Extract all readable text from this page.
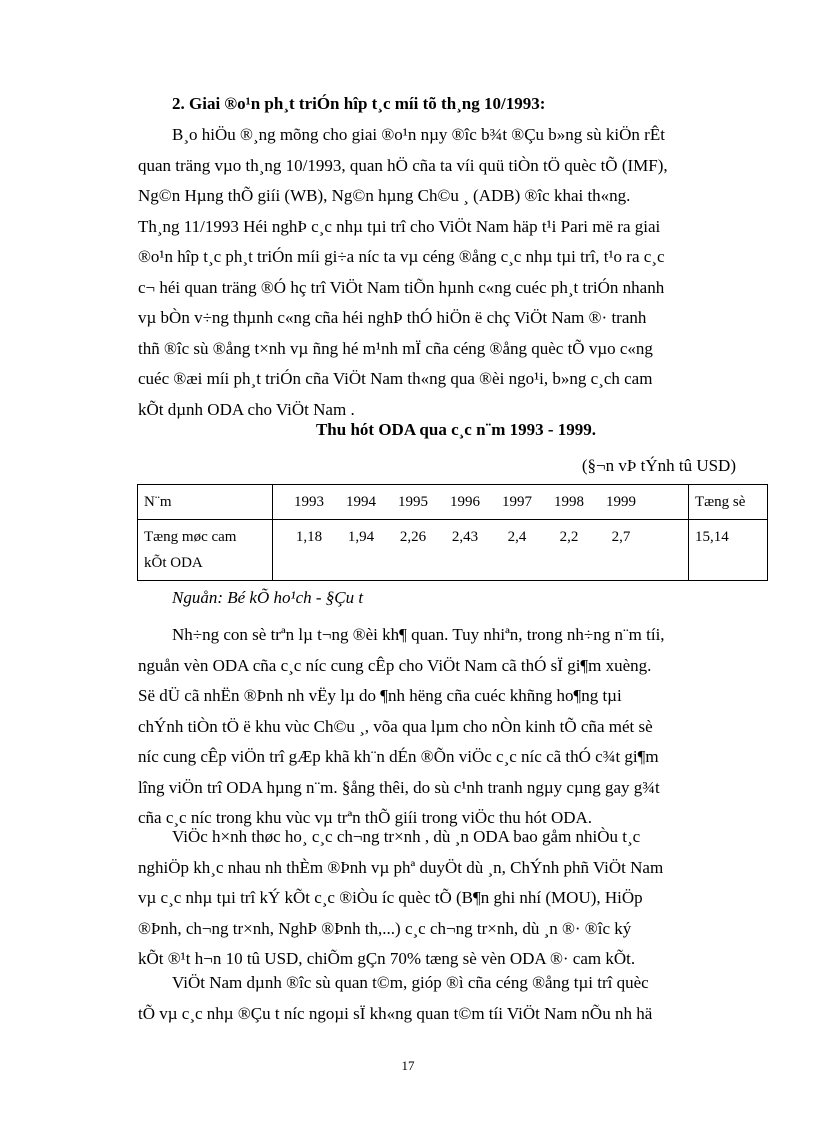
2. Giai ®o¹n ph¸t triÓn hîp t¸c míi tõ th¸ng 10/1993:
B¸o hiÖu ®¸ng mõng cho giai ®o¹n nµy ®îc b¾t ®Çu b»ng sù kiÖn rÊt
quan träng vµo th¸ng 10/1993, quan hÖ cña ta víi quü tiÒn tÖ quèc tÕ (IMF),
Ng©n Hµng thÕ giíi (WB), Ng©n hµng Ch©u ¸ (ADB) ®îc khai th«ng.
Th¸ng 11/1993 Héi nghÞ c¸c nhµ tµi trî cho ViÖt Nam häp t¹i Pari më ra giai
®o¹n hîp t¸c ph¸t triÓn míi gi÷a níc ta vµ céng ®ång c¸c nhµ tµi trî, t¹o ra c¸c
c¬ héi quan träng ®Ó hç trî ViÖt Nam tiÕn hµnh c«ng cuéc ph¸t triÓn nhanh
vµ bÒn v÷ng thµnh c«ng cña héi nghÞ thÓ hiÖn ë chç ViÖt Nam ®· tranh
thñ ®îc sù ®ång t×nh vµ ñng hé m¹nh mÏ cña céng ®ång quèc tÕ vµo c«ng
cuéc ®æi míi ph¸t triÓn cña ViÖt Nam th«ng qua ®èi ngo¹i, b»ng c¸ch cam
kÕt dµnh ODA cho ViÖt Nam .
Thu hót ODA qua c¸c n¨m 1993 - 1999.
(§¬n vÞ tÝnh tû USD)
N¨m	1993 1994 1995 1996 1997 1998 1999	Tæng sè

Tæng møc cam
kÕt ODA	1,18 1,94 2,26 2,43 2,4 2,2 2,7	15,14
Nguån: Bé kÕ ho¹ch - §Çu t
Nh÷ng con sè trªn lµ t¬ng ®èi kh¶ quan. Tuy nhiªn, trong nh÷ng n¨m tíi,
nguån vèn ODA cña c¸c níc cung cÊp cho ViÖt Nam cã thÓ sÏ gi¶m xuèng.
Së dÜ cã nhËn ®Þnh nh vËy lµ do ¶nh hëng cña cuéc khñng ho¶ng tµi
chÝnh tiÒn tÖ ë khu vùc Ch©u ¸, võa qua lµm cho nÒn kinh tÕ cña mét sè
níc cung cÊp viÖn trî gÆp khã kh¨n dÉn ®Õn viÖc c¸c níc cã thÓ c¾t gi¶m
lîng viÖn trî ODA hµng n¨m. §ång thêi, do sù c¹nh tranh ngµy cµng gay g¾t
cña c¸c níc trong khu vùc vµ trªn thÕ giíi trong viÖc thu hót ODA.
ViÖc h×nh thøc ho¸ c¸c ch¬ng tr×nh , dù ¸n ODA bao gåm nhiÒu t¸c
nghiÖp kh¸c nhau nh thÈm ®Þnh vµ phª duyÖt dù ¸n, ChÝnh phñ ViÖt Nam
vµ c¸c nhµ tµi trî kÝ kÕt c¸c ®iÒu íc quèc tÕ (B¶n ghi nhí (MOU), HiÖp
®Þnh, ch¬ng tr×nh, NghÞ ®Þnh th,...) c¸c ch¬ng tr×nh, dù ¸n ®· ®îc ký
kÕt ®¹t h¬n 10 tû USD, chiÕm gÇn 70% tæng sè vèn ODA ®· cam kÕt.
ViÖt Nam dµnh ®îc sù quan t©m, gióp ®ì cña céng ®ång tµi trî quèc
tÕ vµ c¸c nhµ ®Çu t níc ngoµi sÏ kh«ng quan t©m tíi ViÖt Nam nÕu nh hä
17
